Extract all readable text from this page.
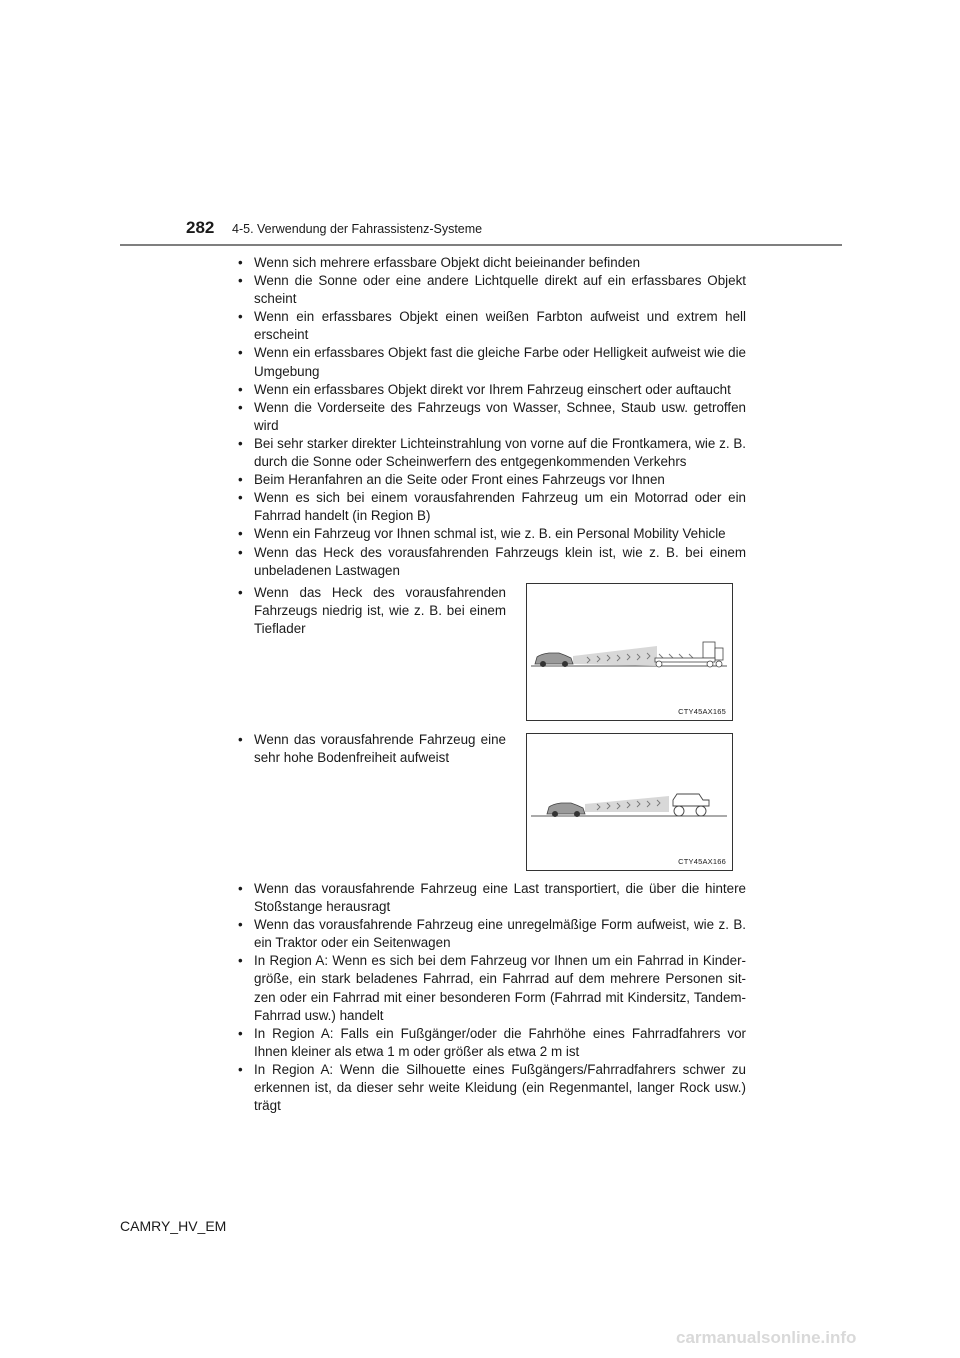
282 4-5. Verwendung der Fahrassistenz-Systeme
• Wenn sich mehrere erfassbare Objekt dicht beieinander befinden
• Wenn die Sonne oder eine andere Lichtquelle direkt auf ein erfassbares Objekt scheint
• Wenn ein erfassbares Objekt einen weißen Farbton aufweist und extrem hell erscheint
• Wenn ein erfassbares Objekt fast die gleiche Farbe oder Helligkeit aufweist wie die Umgebung
• Wenn ein erfassbares Objekt direkt vor Ihrem Fahrzeug einschert oder auftaucht
• Wenn die Vorderseite des Fahrzeugs von Wasser, Schnee, Staub usw. getroffen wird
• Bei sehr starker direkter Lichteinstrahlung von vorne auf die Frontkamera, wie z. B. durch die Sonne oder Scheinwerfern des entgegenkommenden Verkehrs
• Beim Heranfahren an die Seite oder Front eines Fahrzeugs vor Ihnen
• Wenn es sich bei einem vorausfahrenden Fahrzeug um ein Motorrad oder ein Fahrrad handelt (in Region B)
• Wenn ein Fahrzeug vor Ihnen schmal ist, wie z. B. ein Personal Mobility Vehicle
• Wenn das Heck des vorausfahrenden Fahrzeugs klein ist, wie z. B. bei einem unbeladenen Lastwagen
• Wenn das Heck des vorausfahrenden Fahrzeugs niedrig ist, wie z. B. bei einem Tieflader
CTY45AX165
• Wenn das vorausfahrende Fahrzeug eine sehr hohe Bodenfreiheit aufweist
CTY45AX166
• Wenn das vorausfahrende Fahrzeug eine Last transportiert, die über die hintere Stoßstange herausragt
• Wenn das vorausfahrende Fahrzeug eine unregelmäßige Form aufweist, wie z. B. ein Traktor oder ein Seitenwagen
• In Region A: Wenn es sich bei dem Fahrzeug vor Ihnen um ein Fahrrad in Kinder-größe, ein stark beladenes Fahrrad, ein Fahrrad auf dem mehrere Personen sit-zen oder ein Fahrrad mit einer besonderen Form (Fahrrad mit Kindersitz, Tandem-Fahrrad usw.) handelt
• In Region A: Falls ein Fußgänger/oder die Fahrhöhe eines Fahrradfahrers vor Ihnen kleiner als etwa 1 m oder größer als etwa 2 m ist
• In Region A: Wenn die Silhouette eines Fußgängers/Fahrradfahrers schwer zu erkennen ist, da dieser sehr weite Kleidung (ein Regenmantel, langer Rock usw.) trägt
CAMRY_HV_EM
carmanualsonline.info
